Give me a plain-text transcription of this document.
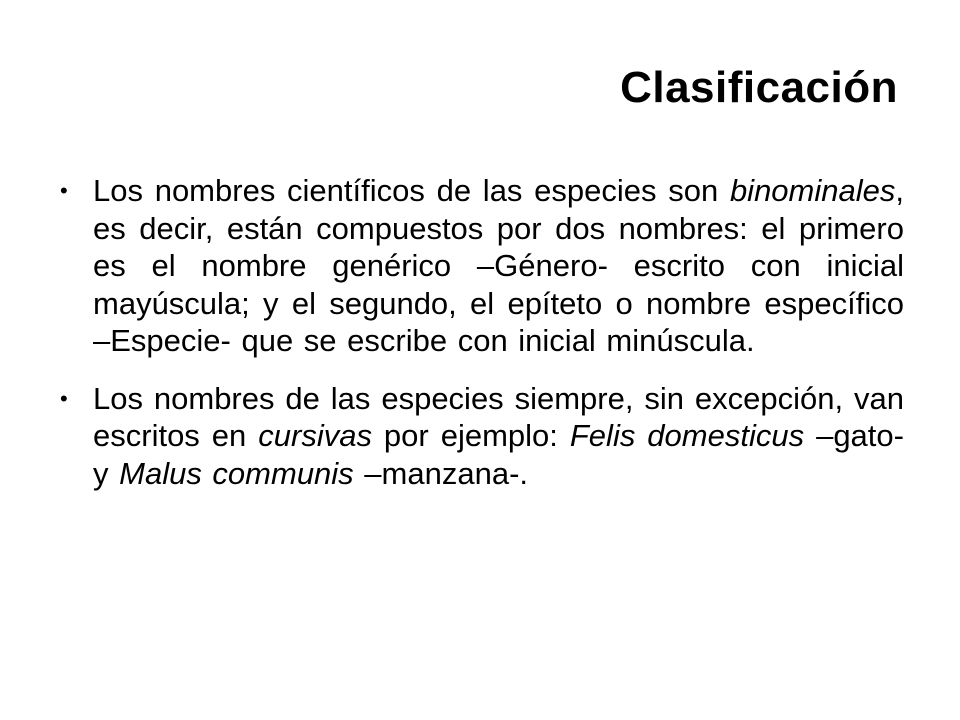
Clasificación
• Los nombres científicos de las especies son binominales, es decir, están compuestos por dos nombres: el primero es el nombre genérico –Género- escrito con inicial mayúscula; y el segundo, el epíteto o nombre específico –Especie- que se escribe con inicial minúscula.
• Los nombres de las especies siempre, sin excepción, van escritos en cursivas por ejemplo: Felis domesticus –gato- y Malus communis –manzana-.
